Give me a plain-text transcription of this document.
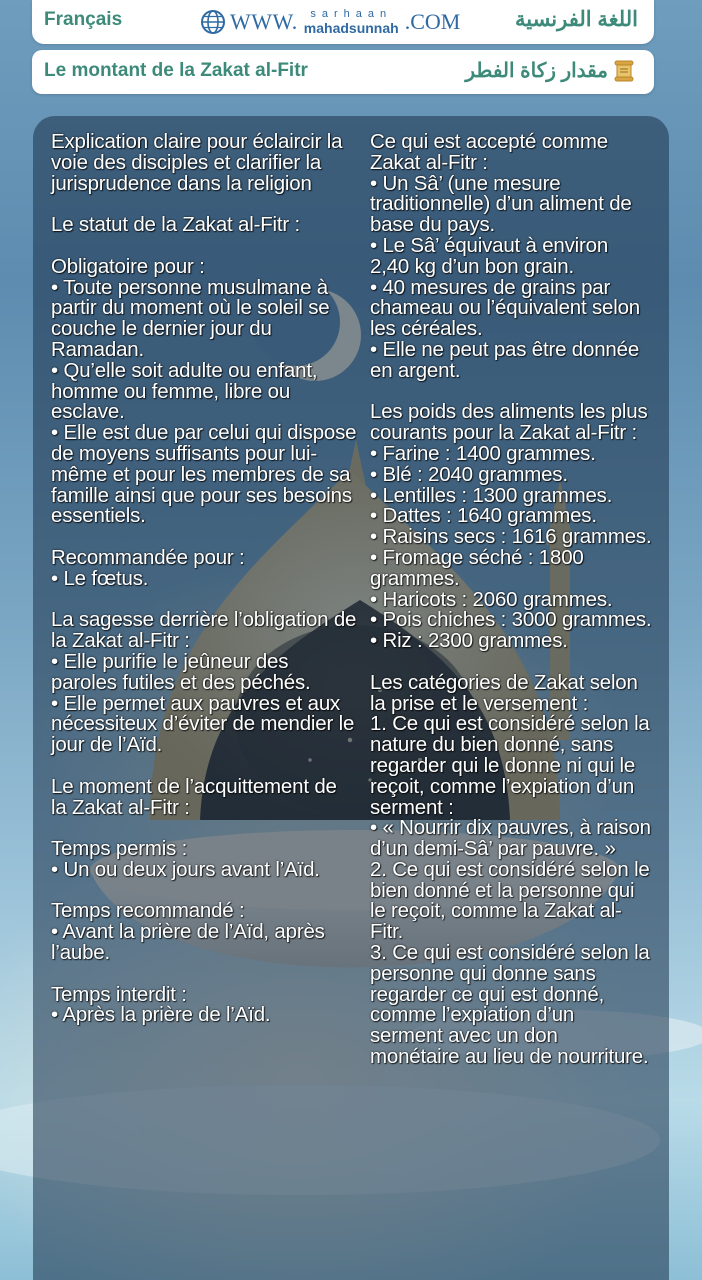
Français	WWW. sarhaan
mahadsunnah .COM	اللغة الفرنسية
Le montant de la Zakat al-Fitr	مقدار زكاة الفطر
Explication claire pour éclaircir la voie des disciples et clarifier la jurisprudence dans la religion
Le statut de la Zakat al-Fitr :
Obligatoire pour :
• Toute personne musulmane à partir du moment où le soleil se couche le dernier jour du Ramadan.
• Qu’elle soit adulte ou enfant, homme ou femme, libre ou esclave.
• Elle est due par celui qui dispose de moyens suffisants pour lui-même et pour les membres de sa famille ainsi que pour ses besoins essentiels.
Recommandée pour :
• Le fœtus.
La sagesse derrière l’obligation de la Zakat al-Fitr :
• Elle purifie le jeûneur des paroles futiles et des péchés.
• Elle permet aux pauvres et aux nécessiteux d’éviter de mendier le jour de l’Aïd.
Le moment de l’acquittement de la Zakat al-Fitr :
Temps permis :
• Un ou deux jours avant l’Aïd.
Temps recommandé :
• Avant la prière de l’Aïd, après l’aube.
Temps interdit :
• Après la prière de l’Aïd.
Ce qui est accepté comme Zakat al-Fitr :
• Un Sâ’ (une mesure traditionnelle) d’un aliment de base du pays.
• Le Sâ’ équivaut à environ 2,40 kg d’un bon grain.
• 40 mesures de grains par chameau ou l’équivalent selon les céréales.
• Elle ne peut pas être donnée en argent.
Les poids des aliments les plus courants pour la Zakat al-Fitr :
• Farine : 1400 grammes.
• Blé : 2040 grammes.
• Lentilles : 1300 grammes.
• Dattes : 1640 grammes.
• Raisins secs : 1616 grammes.
• Fromage séché : 1800 grammes.
• Haricots : 2060 grammes.
• Pois chiches : 3000 grammes.
• Riz : 2300 grammes.
Les catégories de Zakat selon la prise et le versement :
1. Ce qui est considéré selon la nature du bien donné, sans regarder qui le donne ni qui le reçoit, comme l’expiation d’un serment :
• « Nourrir dix pauvres, à raison d’un demi-Sâ’ par pauvre. »
2. Ce qui est considéré selon le bien donné et la personne qui le reçoit, comme la Zakat al-Fitr.
3. Ce qui est considéré selon la personne qui donne sans regarder ce qui est donné, comme l’expiation d’un serment avec un don monétaire au lieu de nourriture.
